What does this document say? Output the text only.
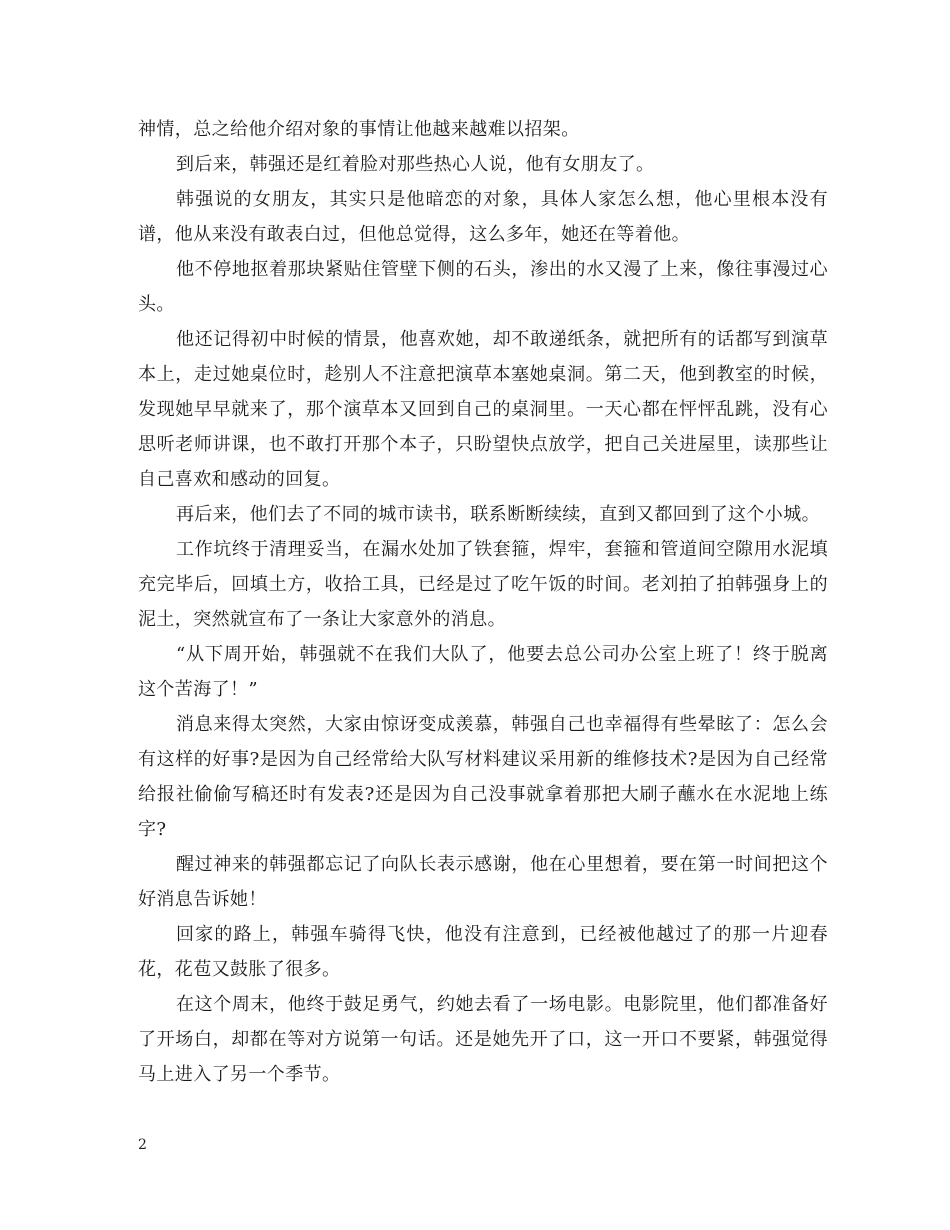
神情，总之给他介绍对象的事情让他越来越难以招架。

到后来，韩强还是红着脸对那些热心人说，他有女朋友了。

韩强说的女朋友，其实只是他暗恋的对象，具体人家怎么想，他心里根本没有谱，他从来没有敢表白过，但他总觉得，这么多年，她还在等着他。

他不停地抠着那块紧贴住管壁下侧的石头，渗出的水又漫了上来，像往事漫过心头。

他还记得初中时候的情景，他喜欢她，却不敢递纸条，就把所有的话都写到演草本上，走过她桌位时，趁别人不注意把演草本塞她桌洞。第二天，他到教室的时候，发现她早早就来了，那个演草本又回到自己的桌洞里。一天心都在怦怦乱跳，没有心思听老师讲课，也不敢打开那个本子，只盼望快点放学，把自己关进屋里，读那些让自己喜欢和感动的回复。

再后来，他们去了不同的城市读书，联系断断续续，直到又都回到了这个小城。

工作坑终于清理妥当，在漏水处加了铁套箍，焊牢，套箍和管道间空隙用水泥填充完毕后，回填土方，收拾工具，已经是过了吃午饭的时间。老刘拍了拍韩强身上的泥土，突然就宣布了一条让大家意外的消息。

“从下周开始，韩强就不在我们大队了，他要去总公司办公室上班了！终于脱离这个苦海了！”

消息来得太突然，大家由惊讶变成羡慕，韩强自己也幸福得有些晕眩了：怎么会有这样的好事?是因为自己经常给大队写材料建议采用新的维修技术?是因为自己经常给报社偷偷写稿还时有发表?还是因为自己没事就拿着那把大刷子蘸水在水泥地上练字?

醒过神来的韩强都忘记了向队长表示感谢，他在心里想着，要在第一时间把这个好消息告诉她！

回家的路上，韩强车骑得飞快，他没有注意到，已经被他越过了的那一片迎春花，花苞又鼓胀了很多。

在这个周末，他终于鼓足勇气，约她去看了一场电影。电影院里，他们都准备好了开场白，却都在等对方说第一句话。还是她先开了口，这一开口不要紧，韩强觉得马上进入了另一个季节。

2
